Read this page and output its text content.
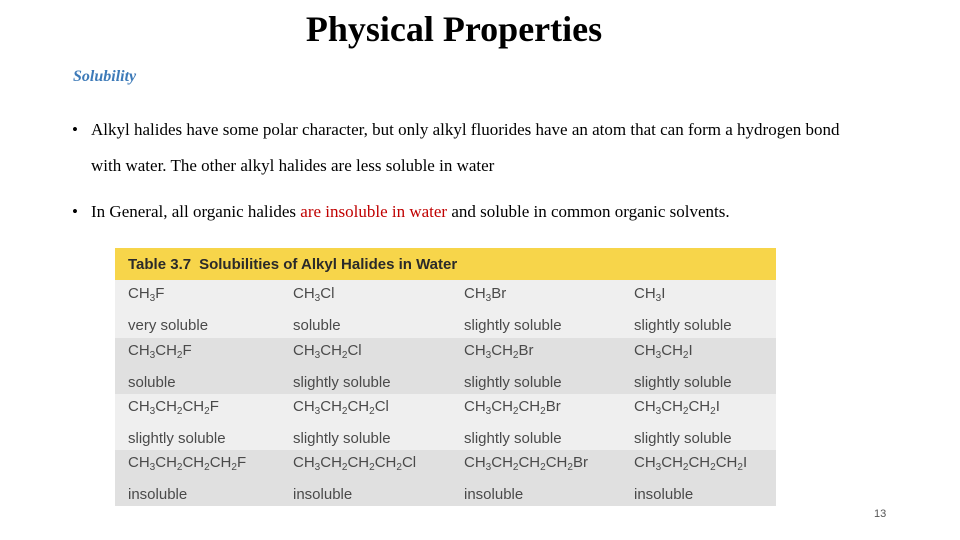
Physical Properties
Solubility
• Alkyl halides have some polar character, but only alkyl fluorides have an atom that can form a hydrogen bond with water. The other alkyl halides are less soluble in water
• In General, all organic halides are insoluble in water and soluble in common organic solvents.
Table 3.7 Solubilities of Alkyl Halides in Water
$CH_3F$
very soluble
$CH_3Cl$
soluble
$CH_3Br$
slightly soluble
$CH_3I$
slightly soluble
$CH_3CH_2F$
soluble
$CH_3CH_2Cl$
slightly soluble
$CH_3CH_2Br$
slightly soluble
$CH_3CH_2I$
slightly soluble
$CH_3CH_2CH_2F$
slightly soluble
$CH_3CH_2CH_2Cl$
slightly soluble
$CH_3CH_2CH_2Br$
slightly soluble
$CH_3CH_2CH_2I$
slightly soluble
$CH_3CH_2CH_2CH_2F$
insoluble
$CH_3CH_2CH_2CH_2Cl$
insoluble
$CH_3CH_2CH_2CH_2Br$
insoluble
$CH_3CH_2CH_2CH_2I$
insoluble
13
